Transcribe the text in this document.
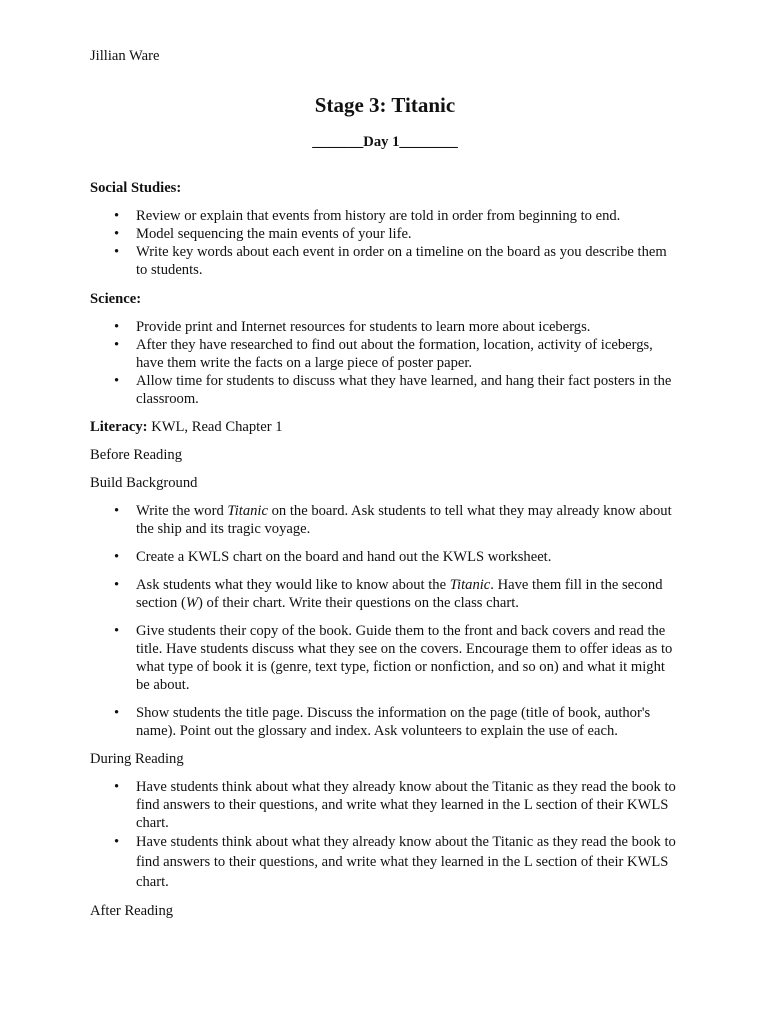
Jillian Ware

Stage 3: Titanic

_______Day 1________

Social Studies:

• Review or explain that events from history are told in order from beginning to end.
• Model sequencing the main events of your life.
• Write key words about each event in order on a timeline on the board as you describe them to students.

Science:

• Provide print and Internet resources for students to learn more about icebergs.
• After they have researched to find out about the formation, location, activity of icebergs, have them write the facts on a large piece of poster paper.
• Allow time for students to discuss what they have learned, and hang their fact posters in the classroom.

Literacy: KWL, Read Chapter 1

Before Reading

Build Background

• Write the word Titanic on the board. Ask students to tell what they may already know about the ship and its tragic voyage.
• Create a KWLS chart on the board and hand out the KWLS worksheet.
• Ask students what they would like to know about the Titanic. Have them fill in the second section (W) of their chart. Write their questions on the class chart.
• Give students their copy of the book. Guide them to the front and back covers and read the title. Have students discuss what they see on the covers. Encourage them to offer ideas as to what type of book it is (genre, text type, fiction or nonfiction, and so on) and what it might be about.
• Show students the title page. Discuss the information on the page (title of book, author's name). Point out the glossary and index. Ask volunteers to explain the use of each.

During Reading

• Have students think about what they already know about the Titanic as they read the book to find answers to their questions, and write what they learned in the L section of their KWLS chart.
• Have students think about what they already know about the Titanic as they read the book to find answers to their questions, and write what they learned in the L section of their KWLS chart.

After Reading
